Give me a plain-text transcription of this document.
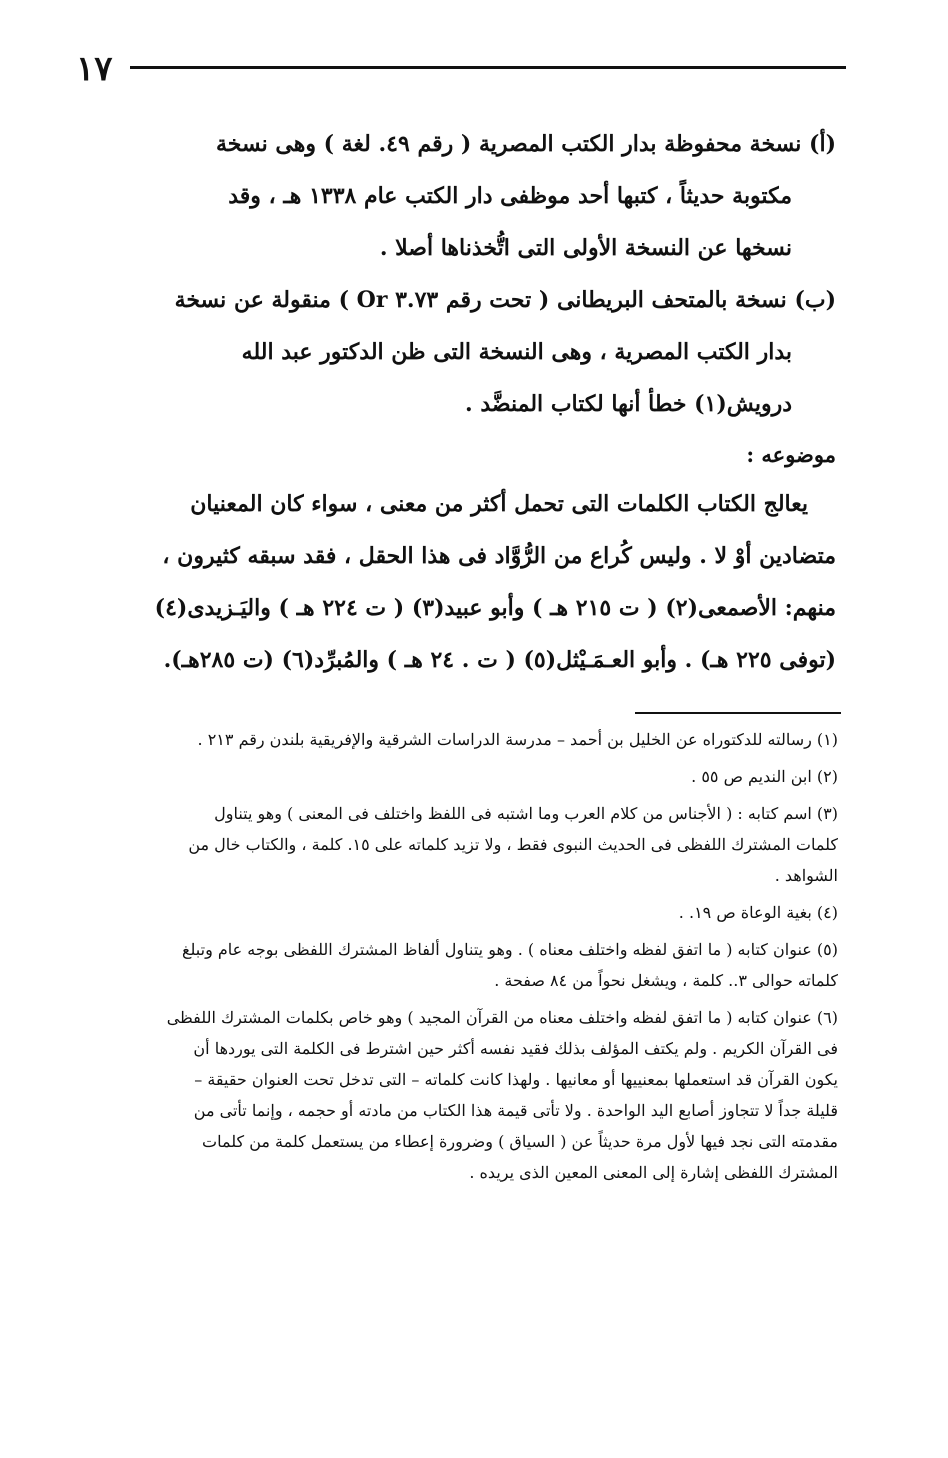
١٧
(أ) نسخة محفوظة بدار الكتب المصرية ( رقم ٤٩. لغة ) وهى نسخة
مكتوبة حديثاً ، كتبها أحد موظفى دار الكتب عام ١٣٣٨ هـ ، وقد
نسخها عن النسخة الأولى التى اتُّخذناها أصلا .
(ب) نسخة بالمتحف البريطانى ( تحت رقم ٣.٧٣ Or ) منقولة عن نسخة
بدار الكتب المصرية ، وهى النسخة التى ظن الدكتور عبد الله
درويش(١) خطأ أنها لكتاب المنضَّد .
موضوعه :
يعالج الكتاب الكلمات التى تحمل أكثر من معنى ، سواء كان المعنيان
متضادين أوْ لا . وليس كُراع من الرُّوَّاد فى هذا الحقل ، فقد سبقه كثيرون ،
منهم: الأصمعى(٢) ( ت ٢١٥ هـ ) وأبو عبيد(٣) ( ت ٢٢٤ هـ ) واليَـزيدى(٤)
(توفى ٢٢٥ هـ) . وأبو العـمَـيْثل(٥) ( ت . ٢٤ هـ ) والمُبرِّد(٦) (ت ٢٨٥هـ).
(١) رسالته للدكتوراه عن الخليل بن أحمد – مدرسة الدراسات الشرقية والإفريقية بلندن رقم ٢١٣ .
(٢) ابن النديم ص ٥٥ .
(٣) اسم كتابه : ( الأجناس من كلام العرب وما اشتبه فى اللفظ واختلف فى المعنى ) وهو يتناول
كلمات المشترك اللفظى فى الحديث النبوى فقط ، ولا تزيد كلماته على ١٥. كلمة ، والكتاب خال من
الشواهد .
(٤) بغية الوعاة ص ١٩. .
(٥) عنوان كتابه ( ما اتفق لفظه واختلف معناه ) . وهو يتناول ألفاظ المشترك اللفظى بوجه عام وتبلغ
كلماته حوالى ٣.. كلمة ، ويشغل نحواً من ٨٤ صفحة .
(٦) عنوان كتابه ( ما اتفق لفظه واختلف معناه من القرآن المجيد ) وهو خاص بكلمات المشترك اللفظى
فى القرآن الكريم . ولم يكتف المؤلف بذلك فقيد نفسه أكثر حين اشترط فى الكلمة التى يوردها أن
يكون القرآن قد استعملها بمعنييها أو معانيها . ولهذا كانت كلماته – التى تدخل تحت العنوان حقيقة –
قليلة جداً لا تتجاوز أصابع اليد الواحدة . ولا تأتى قيمة هذا الكتاب من مادته أو حجمه ، وإنما تأتى من
مقدمته التى نجد فيها لأول مرة حديثاً عن ( السياق ) وضرورة إعطاء من يستعمل كلمة من كلمات
المشترك اللفظى إشارة إلى المعنى المعين الذى يريده .
